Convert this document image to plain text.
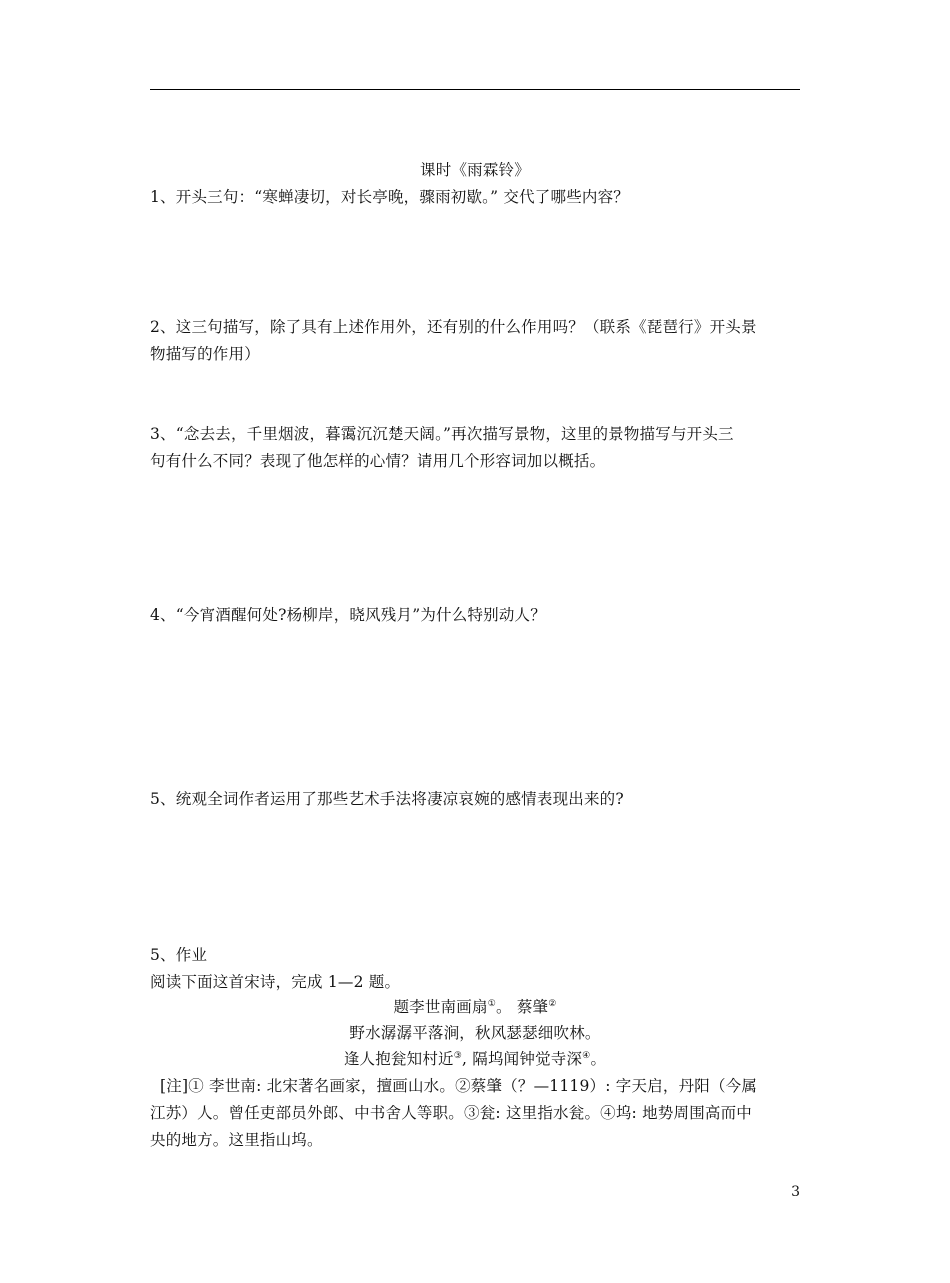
课时《雨霖铃》
1、开头三句：“寒蝉凄切，对长亭晚，骤雨初歇。” 交代了哪些内容？
2、这三句描写，除了具有上述作用外，还有别的什么作用吗？（联系《琵琶行》开头景
物描写的作用）
3、“念去去，千里烟波，暮霭沉沉楚天阔。”再次描写景物，这里的景物描写与开头三
句有什么不同？表现了他怎样的心情？请用几个形容词加以概括。
4、“今宵酒醒何处?杨柳岸，晓风残月”为什么特别动人？
5、统观全词作者运用了那些艺术手法将凄凉哀婉的感情表现出来的?
5、作业
阅读下面这首宋诗，完成 1—2 题。
题李世南画扇①。 蔡肇②
野水潺潺平落涧，秋风瑟瑟细吹林。
逢人抱瓮知村近③, 隔坞闻钟觉寺深④。
[注]① 李世南: 北宋著名画家，擅画山水。②蔡肇（？—1119）: 字天启，丹阳（今属
江苏）人。曾任吏部员外郎、中书舍人等职。③瓮: 这里指水瓮。④坞: 地势周围高而中
央的地方。这里指山坞。
3
